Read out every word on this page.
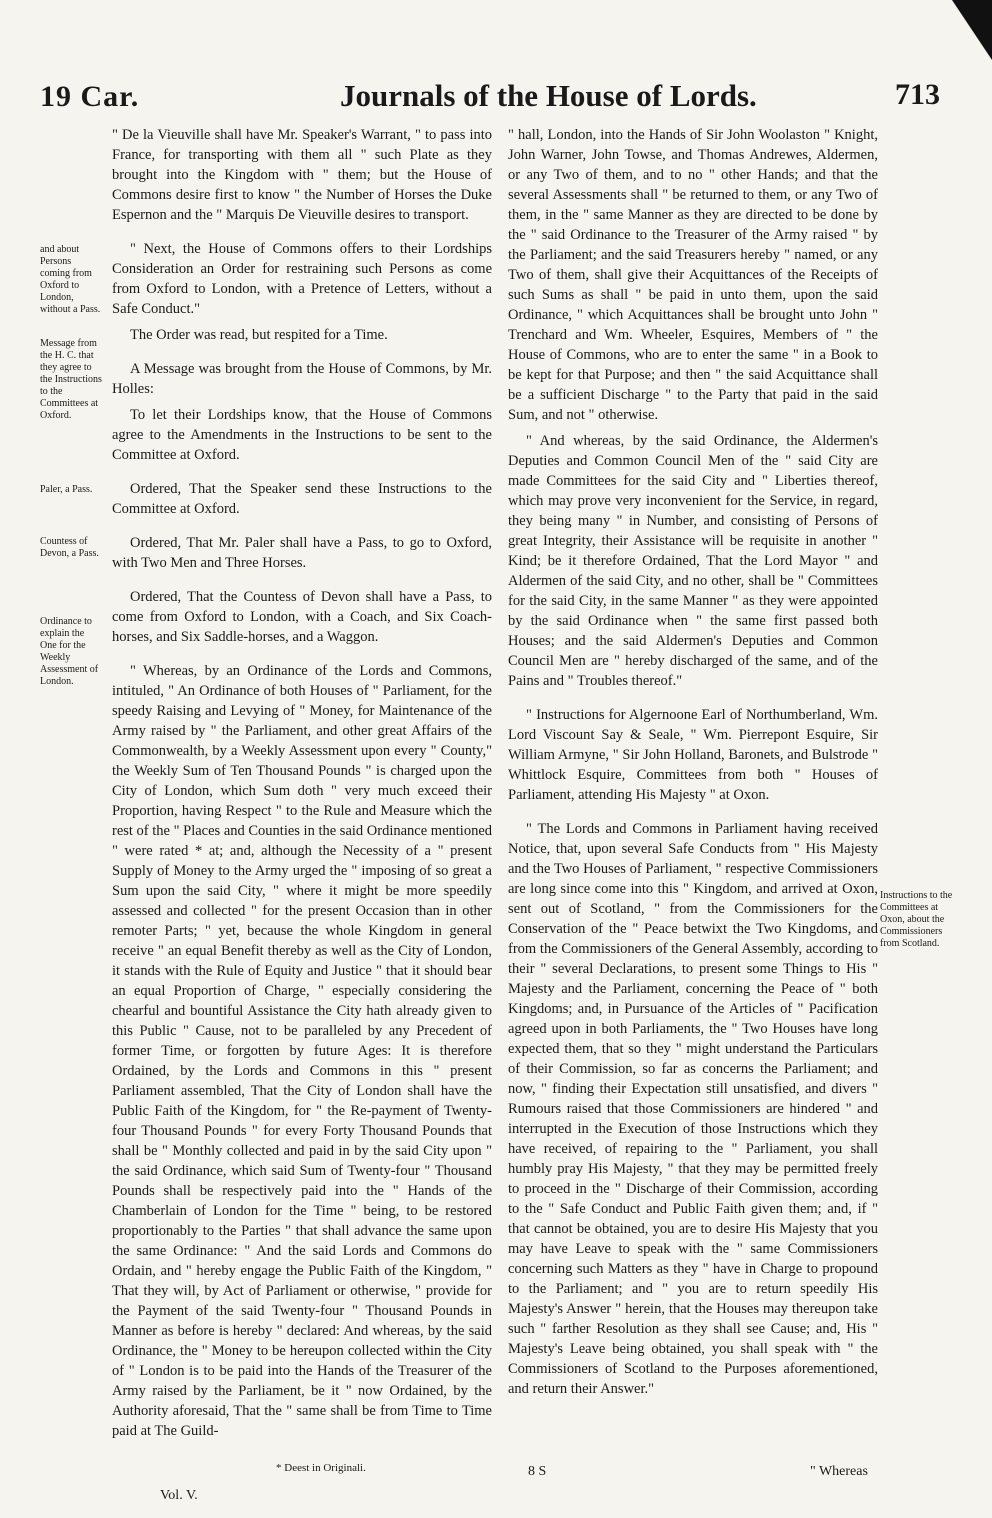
19 Car.	Journals of the House of Lords.	713
and about Persons coming from Oxford to London, without a Pass.
Message from the H. C. that they agree to the Instructions to the Committees at Oxford.
Paler, a Pass.
Countess of Devon, a Pass.
Ordinance to explain the One for the Weekly Assessment of London.
Instructions to the Committees at Oxon, about the Commissioners from Scotland.

" De la Vieuville shall have Mr. Speaker's Warrant, " to pass into France, for transporting with them all " such Plate as they brought into the Kingdom with " them; but the House of Commons desire first to know " the Number of Horses the Duke Espernon and the " Marquis De Vieuville desires to transport.

" Next, the House of Commons offers to their Lordships Consideration an Order for restraining such Persons as come from Oxford to London, with a Pretence of Letters, without a Safe Conduct."

The Order was read, but respited for a Time.

A Message was brought from the House of Commons, by Mr. Holles:

To let their Lordships know, that the House of Commons agree to the Amendments in the Instructions to be sent to the Committee at Oxford.

Ordered, That the Speaker send these Instructions to the Committee at Oxford.

Ordered, That Mr. Paler shall have a Pass, to go to Oxford, with Two Men and Three Horses.

Ordered, That the Countess of Devon shall have a Pass, to come from Oxford to London, with a Coach, and Six Coach-horses, and Six Saddle-horses, and a Waggon.

" Whereas, by an Ordinance of the Lords and Commons, intituled, " An Ordinance of both Houses of " Parliament, for the speedy Raising and Levying of " Money, for Maintenance of the Army raised by " the Parliament, and other great Affairs of the Commonwealth, by a Weekly Assessment upon every " County," the Weekly Sum of Ten Thousand Pounds " is charged upon the City of London, which Sum doth " very much exceed their Proportion, having Respect " to the Rule and Measure which the rest of the " Places and Counties in the said Ordinance mentioned " were rated * at; and, although the Necessity of a " present Supply of Money to the Army urged the " imposing of so great a Sum upon the said City, " where it might be more speedily assessed and collected " for the present Occasion than in other remoter Parts; " yet, because the whole Kingdom in general receive " an equal Benefit thereby as well as the City of London, it stands with the Rule of Equity and Justice " that it should bear an equal Proportion of Charge, " especially considering the chearful and bountiful Assistance the City hath already given to this Public " Cause, not to be paralleled by any Precedent of former Time, or forgotten by future Ages: It is therefore Ordained, by the Lords and Commons in this " present Parliament assembled, That the City of London shall have the Public Faith of the Kingdom, for " the Re-payment of Twenty-four Thousand Pounds " for every Forty Thousand Pounds that shall be " Monthly collected and paid in by the said City upon " the said Ordinance, which said Sum of Twenty-four " Thousand Pounds shall be respectively paid into the " Hands of the Chamberlain of London for the Time " being, to be restored proportionably to the Parties " that shall advance the same upon the same Ordinance: " And the said Lords and Commons do Ordain, and " hereby engage the Public Faith of the Kingdom, " That they will, by Act of Parliament or otherwise, " provide for the Payment of the said Twenty-four " Thousand Pounds in Manner as before is hereby " declared: And whereas, by the said Ordinance, the " Money to be hereupon collected within the City of " London is to be paid into the Hands of the Treasurer of the Army raised by the Parliament, be it " now Ordained, by the Authority aforesaid, That the " same shall be from Time to Time paid at The Guild-

" hall, London, into the Hands of Sir John Woolaston " Knight, John Warner, John Towse, and Thomas Andrewes, Aldermen, or any Two of them, and to no " other Hands; and that the several Assessments shall " be returned to them, or any Two of them, in the " same Manner as they are directed to be done by the " said Ordinance to the Treasurer of the Army raised " by the Parliament; and the said Treasurers hereby " named, or any Two of them, shall give their Acquittances of the Receipts of such Sums as shall " be paid in unto them, upon the said Ordinance, " which Acquittances shall be brought unto John " Trenchard and Wm. Wheeler, Esquires, Members of " the House of Commons, who are to enter the same " in a Book to be kept for that Purpose; and then " the said Acquittance shall be a sufficient Discharge " to the Party that paid in the said Sum, and not " otherwise.

" And whereas, by the said Ordinance, the Aldermen's Deputies and Common Council Men of the " said City are made Committees for the said City and " Liberties thereof, which may prove very inconvenient for the Service, in regard, they being many " in Number, and consisting of Persons of great Integrity, their Assistance will be requisite in another " Kind; be it therefore Ordained, That the Lord Mayor " and Aldermen of the said City, and no other, shall be " Committees for the said City, in the same Manner " as they were appointed by the said Ordinance when " the same first passed both Houses; and the said Aldermen's Deputies and Common Council Men are " hereby discharged of the same, and of the Pains and " Troubles thereof."

" Instructions for Algernoone Earl of Northumberland, Wm. Lord Viscount Say & Seale, " Wm. Pierrepont Esquire, Sir William Armyne, " Sir John Holland, Baronets, and Bulstrode " Whittlock Esquire, Committees from both " Houses of Parliament, attending His Majesty " at Oxon.

" The Lords and Commons in Parliament having received Notice, that, upon several Safe Conducts from " His Majesty and the Two Houses of Parliament, " respective Commissioners are long since come into this " Kingdom, and arrived at Oxon, sent out of Scotland, " from the Commissioners for the Conservation of the " Peace betwixt the Two Kingdoms, and from the Commissioners of the General Assembly, according to their " several Declarations, to present some Things to His " Majesty and the Parliament, concerning the Peace of " both Kingdoms; and, in Pursuance of the Articles of " Pacification agreed upon in both Parliaments, the " Two Houses have long expected them, that so they " might understand the Particulars of their Commission, so far as concerns the Parliament; and now, " finding their Expectation still unsatisfied, and divers " Rumours raised that those Commissioners are hindered " and interrupted in the Execution of those Instructions which they have received, of repairing to the " Parliament, you shall humbly pray His Majesty, " that they may be permitted freely to proceed in the " Discharge of their Commission, according to the " Safe Conduct and Public Faith given them; and, if " that cannot be obtained, you are to desire His Majesty that you may have Leave to speak with the " same Commissioners concerning such Matters as they " have in Charge to propound to the Parliament; and " you are to return speedily His Majesty's Answer " herein, that the Houses may thereupon take such " farther Resolution as they shall see Cause; and, His " Majesty's Leave being obtained, you shall speak with " the Commissioners of Scotland to the Purposes aforementioned, and return their Answer."

Vol. V.
* Deest in Originali.	8 S	" Whereas
